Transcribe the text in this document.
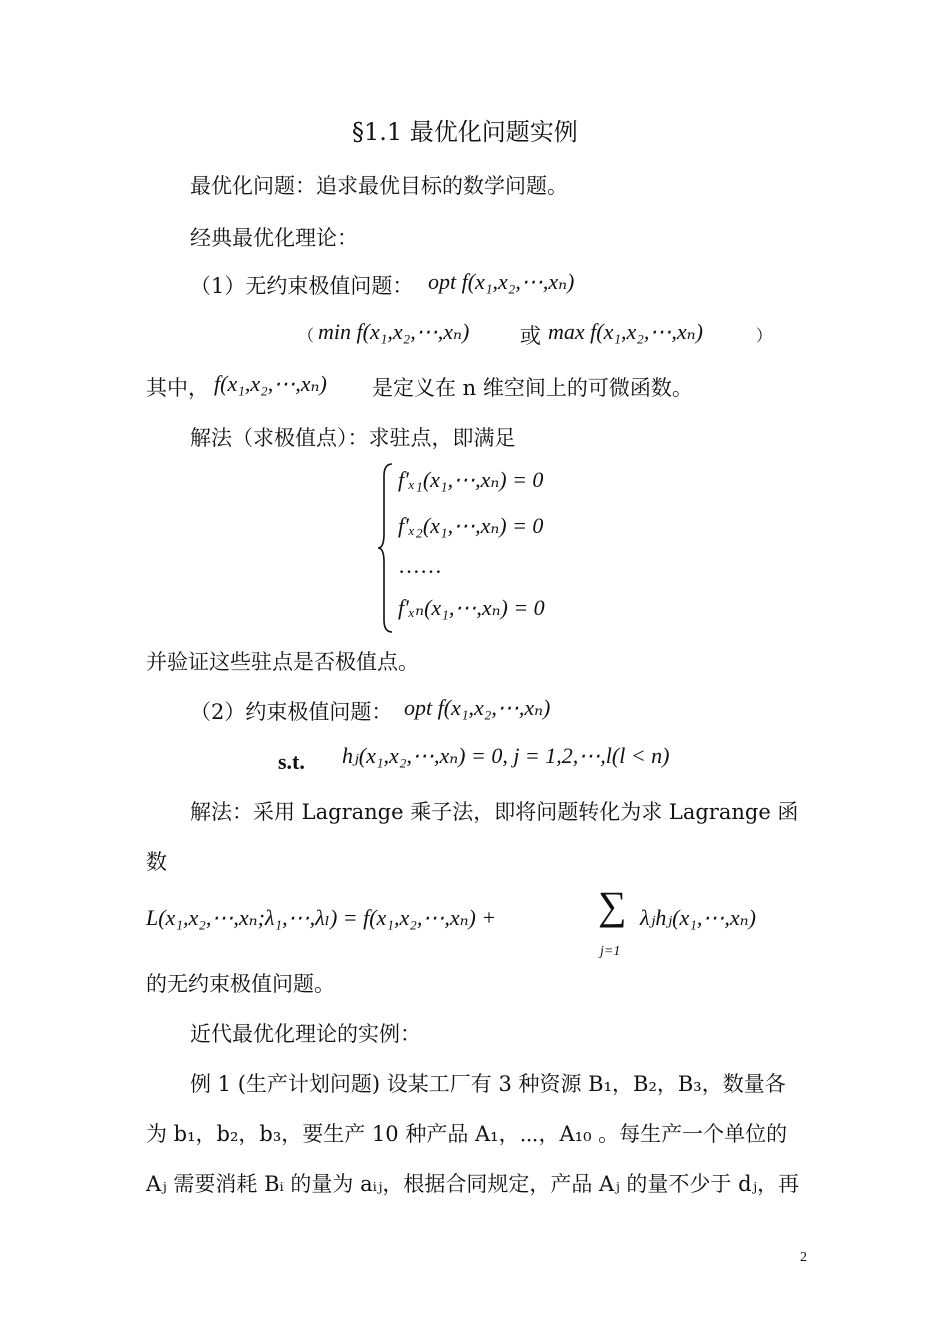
§1.1 最优化问题实例
最优化问题：追求最优目标的数学问题。
经典最优化理论：
（1）无约束极值问题： opt f(x₁,x₂,⋯,xₙ)
（ min f(x₁,x₂,⋯,xₙ) 或 max f(x₁,x₂,⋯,xₙ)	）
其中， f(x₁,x₂,⋯,xₙ) 是定义在 n 维空间上的可微函数。
解法（求极值点）：求驻点，即满足
f′ₓ₁(x₁,⋯,xₙ) = 0
f′ₓ₂(x₁,⋯,xₙ) = 0
……
f′ₓₙ(x₁,⋯,xₙ) = 0
并验证这些驻点是否极值点。
（2）约束极值问题： opt f(x₁,x₂,⋯,xₙ)
s.t. hⱼ(x₁,x₂,⋯,xₙ) = 0, j = 1,2,⋯,l(l < n)
解法：采用 Lagrange 乘子法，即将问题转化为求 Lagrange 函
数
L(x₁,x₂,⋯,xₙ;λ₁,⋯,λₗ) = f(x₁,x₂,⋯,xₙ) +	∑
j=1
λⱼhⱼ(x₁,⋯,xₙ)
的无约束极值问题。
近代最优化理论的实例：
例 1 (生产计划问题) 设某工厂有 3 种资源 B₁，B₂，B₃，数量各
为 b₁，b₂，b₃，要生产 10 种产品 A₁，⋯，A₁₀ 。每生产一个单位的
Aⱼ 需要消耗 Bᵢ 的量为 aᵢⱼ，根据合同规定，产品 Aⱼ 的量不少于 dⱼ，再
2
